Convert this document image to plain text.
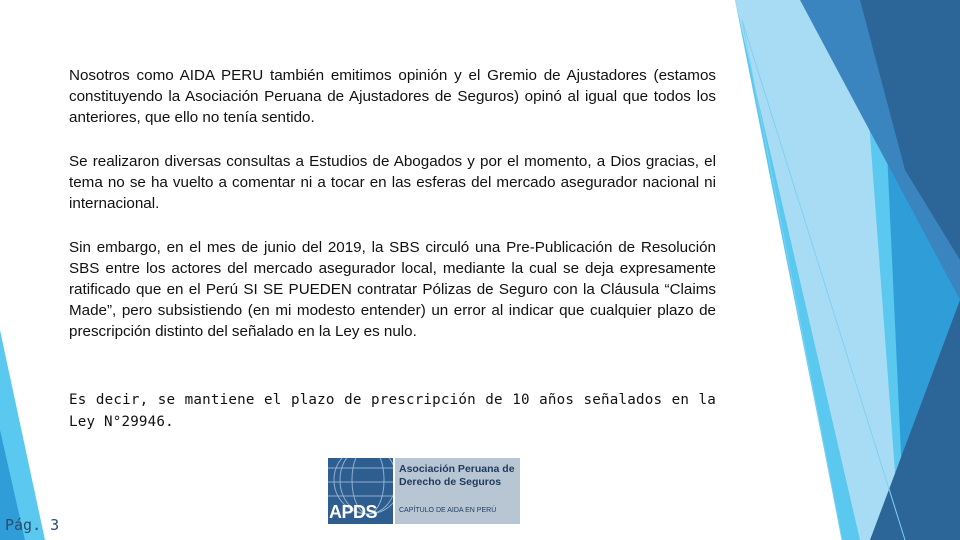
Nosotros como AIDA PERU también emitimos opinión y el Gremio de Ajustadores (estamos constituyendo la Asociación Peruana de Ajustadores de Seguros) opinó al igual que todos los anteriores, que ello no tenía sentido.

Se realizaron diversas consultas a Estudios de Abogados y por el momento, a Dios gracias, el tema no se ha vuelto a comentar ni a tocar en las esferas del mercado asegurador nacional ni internacional.

Sin embargo, en el mes de junio del 2019, la SBS circuló una Pre-Publicación de Resolución SBS entre los actores del mercado asegurador local, mediante la cual se deja expresamente ratificado que en el Perú SI SE PUEDEN contratar Pólizas de Seguro con la Cláusula “Claims Made”, pero subsistiendo (en mi modesto entender) un error al indicar que cualquier plazo de prescripción distinto del señalado en la Ley es nulo.

Es decir, se mantiene el plazo de prescripción de 10 años señalados en la Ley N°29946.

Pág. 3
APDS
Asociación Peruana de
Derecho de Seguros
CAPÍTULO DE AIDA EN PERÚ
